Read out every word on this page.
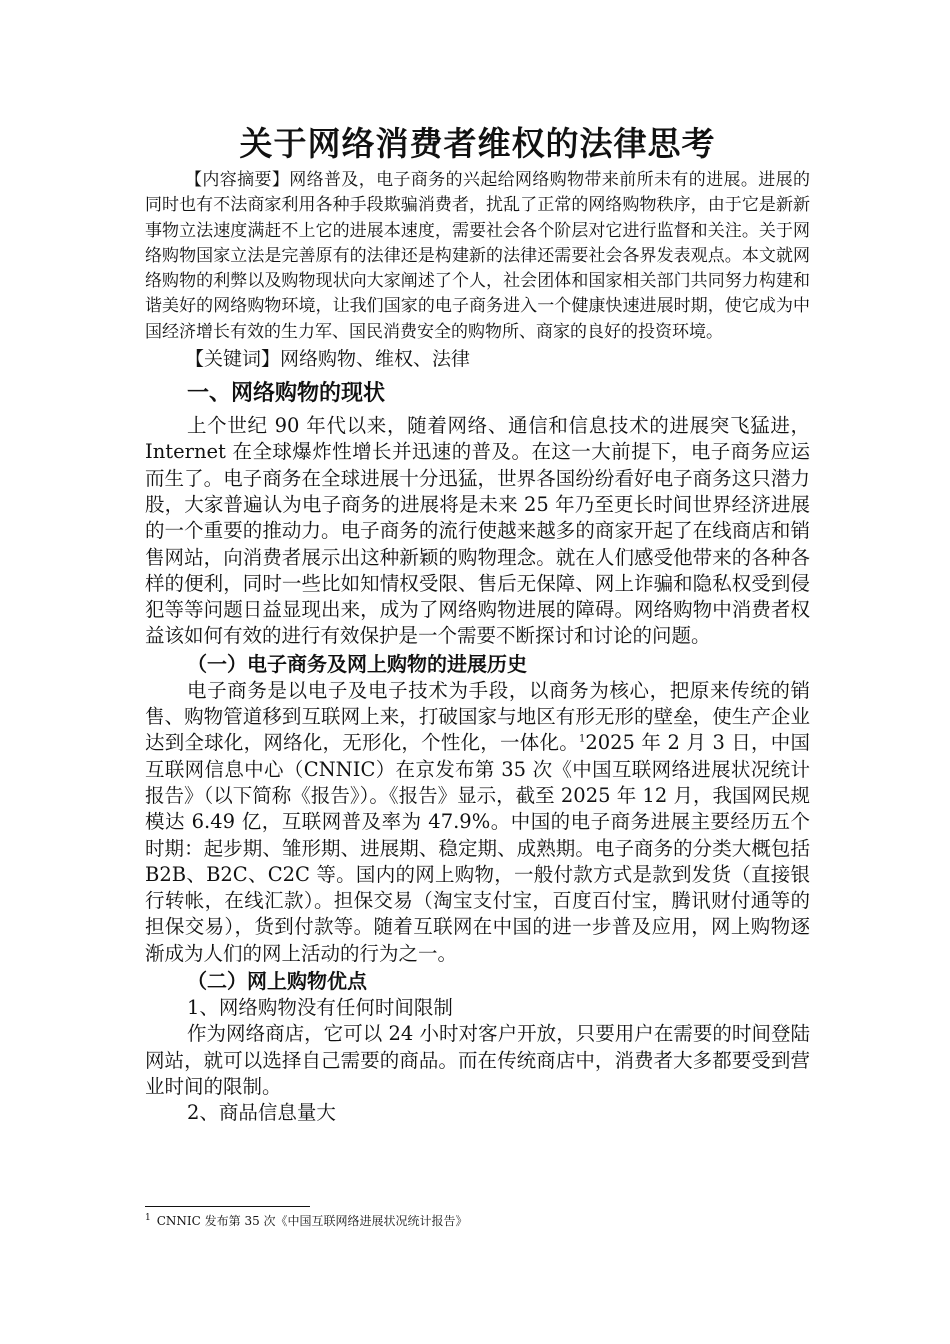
关于网络消费者维权的法律思考

【内容摘要】网络普及，电子商务的兴起给网络购物带来前所未有的进展。进展的同时也有不法商家利用各种手段欺骗消费者，扰乱了正常的网络购物秩序，由于它是新新事物立法速度满赶不上它的进展本速度，需要社会各个阶层对它进行监督和关注。关于网络购物国家立法是完善原有的法律还是构建新的法律还需要社会各界发表观点。本文就网络购物的利弊以及购物现状向大家阐述了个人，社会团体和国家相关部门共同努力构建和谐美好的网络购物环境，让我们国家的电子商务进入一个健康快速进展时期，使它成为中国经济增长有效的生力军、国民消费安全的购物所、商家的良好的投资环境。

【关键词】网络购物、维权、法律

一、网络购物的现状

上个世纪 90 年代以来，随着网络、通信和信息技术的进展突飞猛进，Internet 在全球爆炸性增长并迅速的普及。在这一大前提下，电子商务应运而生了。电子商务在全球进展十分迅猛，世界各国纷纷看好电子商务这只潜力股，大家普遍认为电子商务的进展将是未来 25 年乃至更长时间世界经济进展的一个重要的推动力。电子商务的流行使越来越多的商家开起了在线商店和销售网站，向消费者展示出这种新颖的购物理念。就在人们感受他带来的各种各样的便利，同时一些比如知情权受限、售后无保障、网上诈骗和隐私权受到侵犯等等问题日益显现出来，成为了网络购物进展的障碍。网络购物中消费者权益该如何有效的进行有效保护是一个需要不断探讨和讨论的问题。

（一）电子商务及网上购物的进展历史

电子商务是以电子及电子技术为手段，以商务为核心，把原来传统的销售、购物管道移到互联网上来，打破国家与地区有形无形的壁垒，使生产企业达到全球化，网络化，无形化，个性化，一体化。$^1$2025 年 2 月 3 日，中国互联网信息中心（CNNIC）在京发布第 35 次《中国互联网络进展状况统计报告》（以下简称《报告》）。《报告》显示，截至 2025 年 12 月，我国网民规模达 6.49 亿，互联网普及率为 47.9%。中国的电子商务进展主要经历五个时期：起步期、雏形期、进展期、稳定期、成熟期。电子商务的分类大概包括 B2B、B2C、C2C 等。国内的网上购物，一般付款方式是款到发货（直接银行转帐，在线汇款）。担保交易（淘宝支付宝，百度百付宝，腾讯财付通等的担保交易），货到付款等。随着互联网在中国的进一步普及应用，网上购物逐渐成为人们的网上活动的行为之一。

（二）网上购物优点

1、网络购物没有任何时间限制

作为网络商店，它可以 24 小时对客户开放，只要用户在需要的时间登陆网站，就可以选择自己需要的商品。而在传统商店中，消费者大多都要受到营业时间的限制。

2、商品信息量大

$^1$ CNNIC 发布第 35 次《中国互联网络进展状况统计报告》
